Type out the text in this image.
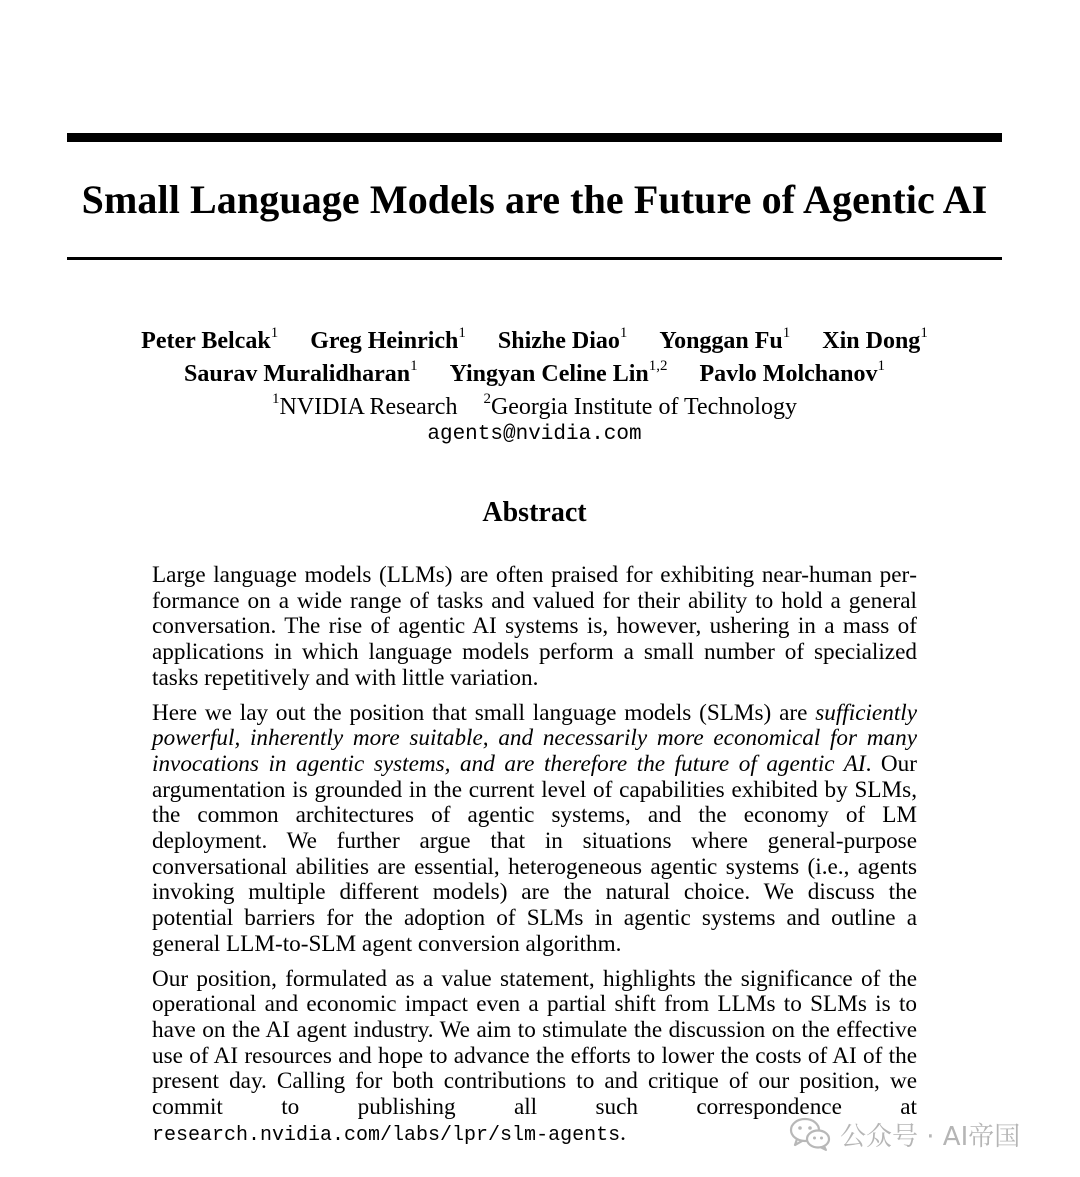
Small Language Models are the Future of Agentic AI
Peter Belcak$^1$ Greg Heinrich$^1$ Shizhe Diao$^1$ Yonggan Fu$^1$ Xin Dong$^1$
Saurav Muralidharan$^1$ Yingyan Celine Lin$^{1,2}$ Pavlo Molchanov$^1$
$^1$NVIDIA Research $^2$Georgia Institute of Technology
agents@nvidia.com
Abstract

Large language models (LLMs) are often praised for exhibiting near-human performance on a wide range of tasks and valued for their ability to hold a general conversation. The rise of agentic AI systems is, however, ushering in a mass of applications in which language models perform a small number of specialized tasks repetitively and with little variation.

Here we lay out the position that small language models (SLMs) are sufficiently powerful, inherently more suitable, and necessarily more economical for many invocations in agentic systems, and are therefore the future of agentic AI. Our argumentation is grounded in the current level of capabilities exhibited by SLMs, the common architectures of agentic systems, and the economy of LM deployment. We further argue that in situations where general-purpose conversational abilities are essential, heterogeneous agentic systems (i.e., agents invoking multiple different models) are the natural choice. We discuss the potential barriers for the adoption of SLMs in agentic systems and outline a general LLM-to-SLM agent conversion algorithm.

Our position, formulated as a value statement, highlights the significance of the operational and economic impact even a partial shift from LLMs to SLMs is to have on the AI agent industry. We aim to stimulate the discussion on the effective use of AI resources and hope to advance the efforts to lower the costs of AI of the present day. Calling for both contributions to and critique of our position, we commit to publishing all such correspondence at research.nvidia.com/labs/lpr/slm-agents.	公众号 · AI帝国
